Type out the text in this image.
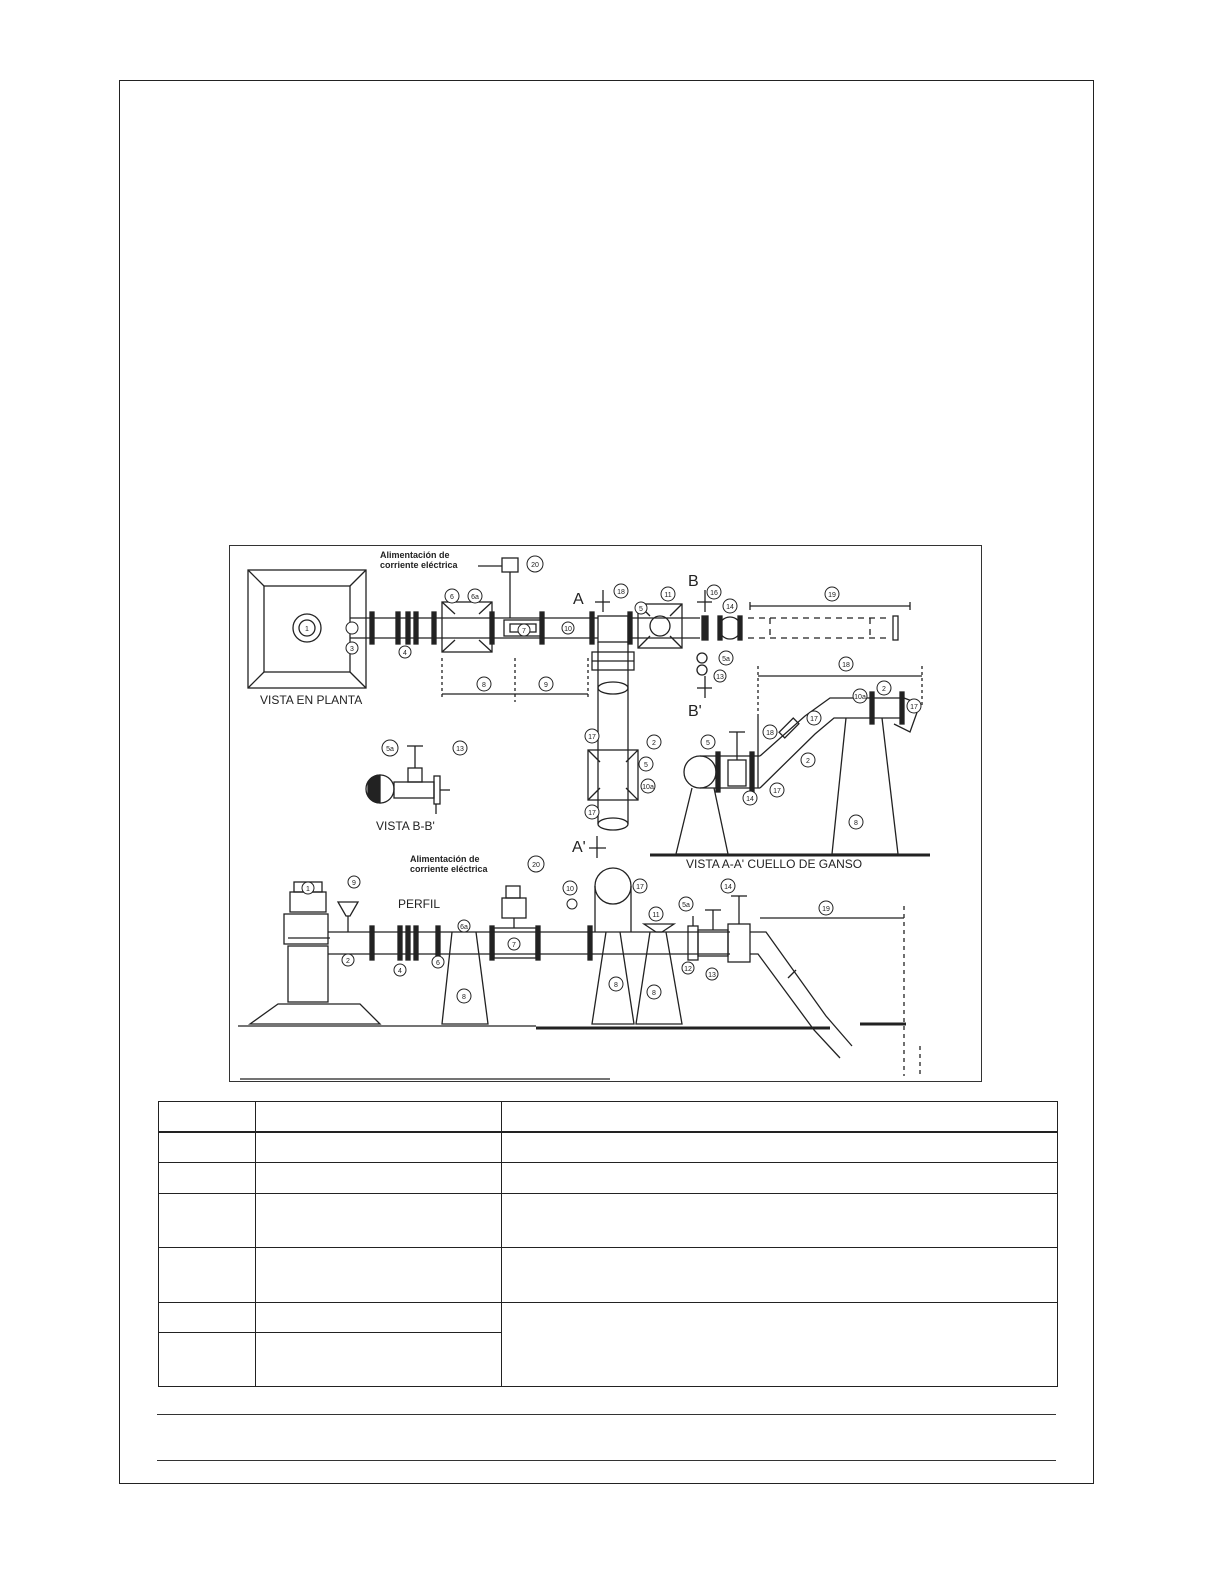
Alimentación de
corriente eléctrica
VISTA EN PLANTA
VISTA B-B'
VISTA A-A' CUELLO DE GANSO
PERFIL
Alimentación de
corriente eléctrica
A
B
B'
A'
1
3
4
6 6a
7	10
18	11
5
16
14
5a
13
20
8	9
19
18
17
10a
2
17
18
2
17
14
5
8
17
2
5
10a
17
5a	13
9
1
2
4
6
6a
8
20
7
10
8
8
17
11
5a
12
13
14
19
